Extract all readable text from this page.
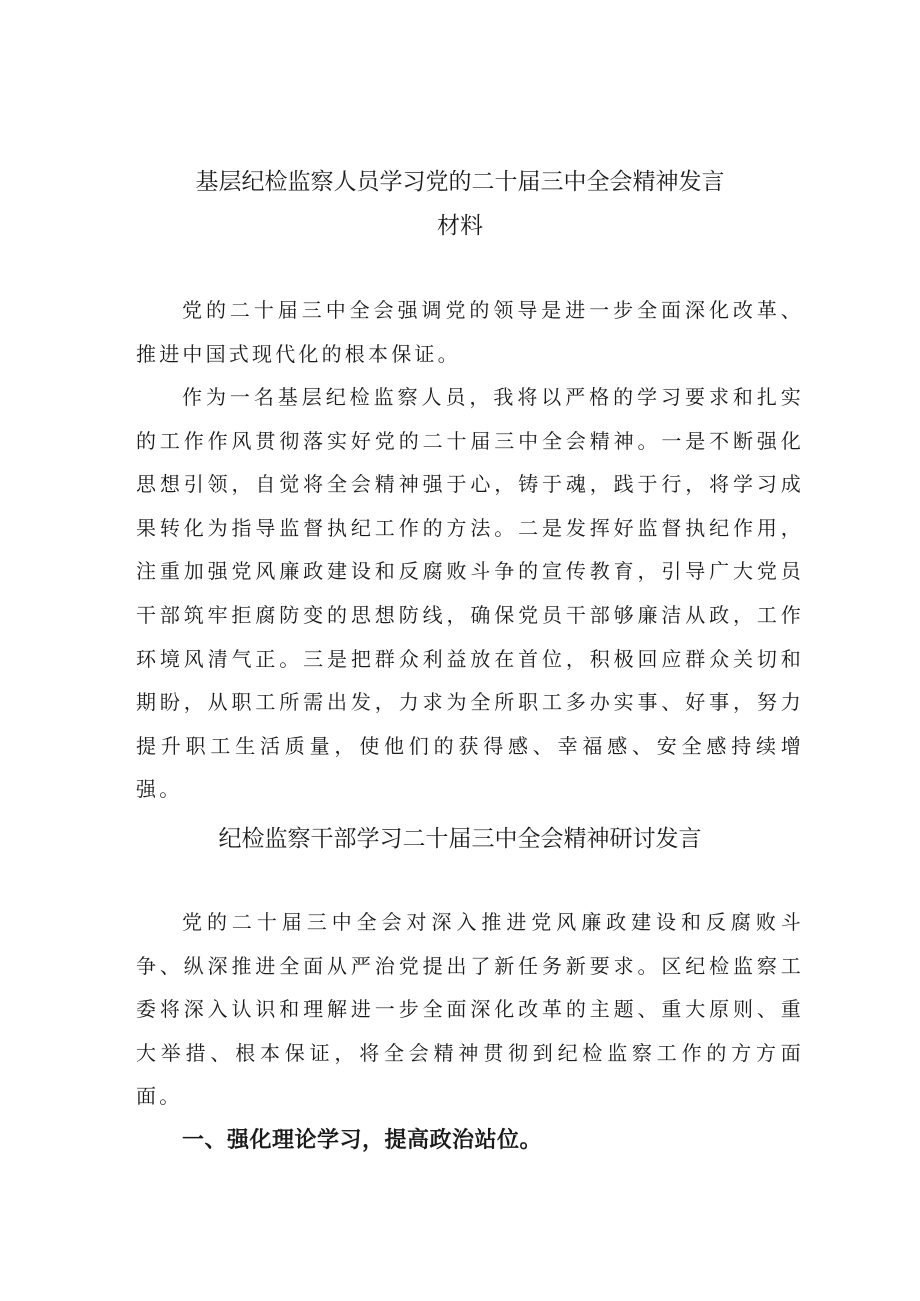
基层纪检监察人员学习党的二十届三中全会精神发言
材料

党的二十届三中全会强调党的领导是进一步全面深化改革、推进中国式现代化的根本保证。

作为一名基层纪检监察人员，我将以严格的学习要求和扎实的工作作风贯彻落实好党的二十届三中全会精神。一是不断强化思想引领，自觉将全会精神强于心，铸于魂，践于行，将学习成果转化为指导监督执纪工作的方法。二是发挥好监督执纪作用，注重加强党风廉政建设和反腐败斗争的宣传教育，引导广大党员干部筑牢拒腐防变的思想防线，确保党员干部够廉洁从政，工作环境风清气正。三是把群众利益放在首位，积极回应群众关切和期盼，从职工所需出发，力求为全所职工多办实事、好事，努力提升职工生活质量，使他们的获得感、幸福感、安全感持续增强。

纪检监察干部学习二十届三中全会精神研讨发言

党的二十届三中全会对深入推进党风廉政建设和反腐败斗争、纵深推进全面从严治党提出了新任务新要求。区纪检监察工委将深入认识和理解进一步全面深化改革的主题、重大原则、重大举措、根本保证，将全会精神贯彻到纪检监察工作的方方面面。

一、强化理论学习，提高政治站位。
